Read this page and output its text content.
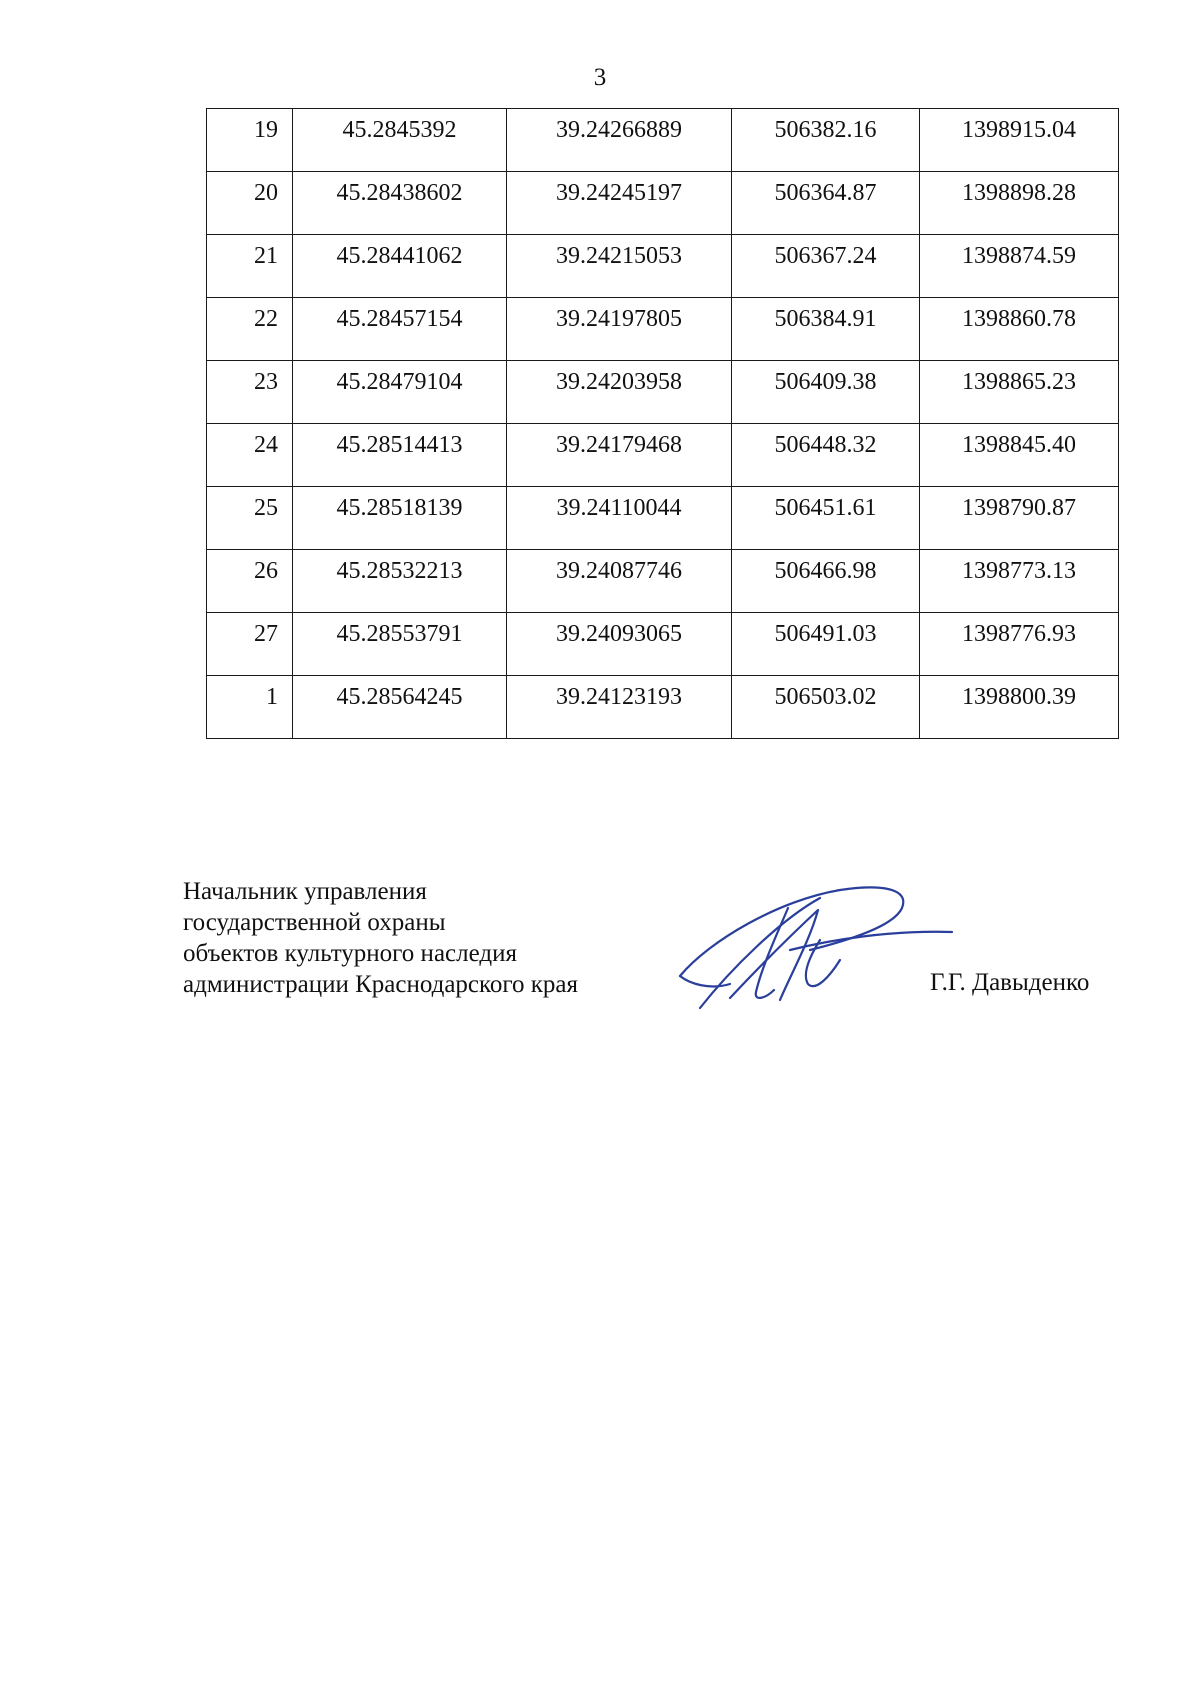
3
19	45.2845392	39.24266889	506382.16	1398915.04
20	45.28438602	39.24245197	506364.87	1398898.28
21	45.28441062	39.24215053	506367.24	1398874.59
22	45.28457154	39.24197805	506384.91	1398860.78
23	45.28479104	39.24203958	506409.38	1398865.23
24	45.28514413	39.24179468	506448.32	1398845.40
25	45.28518139	39.24110044	506451.61	1398790.87
26	45.28532213	39.24087746	506466.98	1398773.13
27	45.28553791	39.24093065	506491.03	1398776.93
1	45.28564245	39.24123193	506503.02	1398800.39
Начальник управления
государственной охраны
объектов культурного наследия
администрации Краснодарского края	Г.Г. Давыденко
